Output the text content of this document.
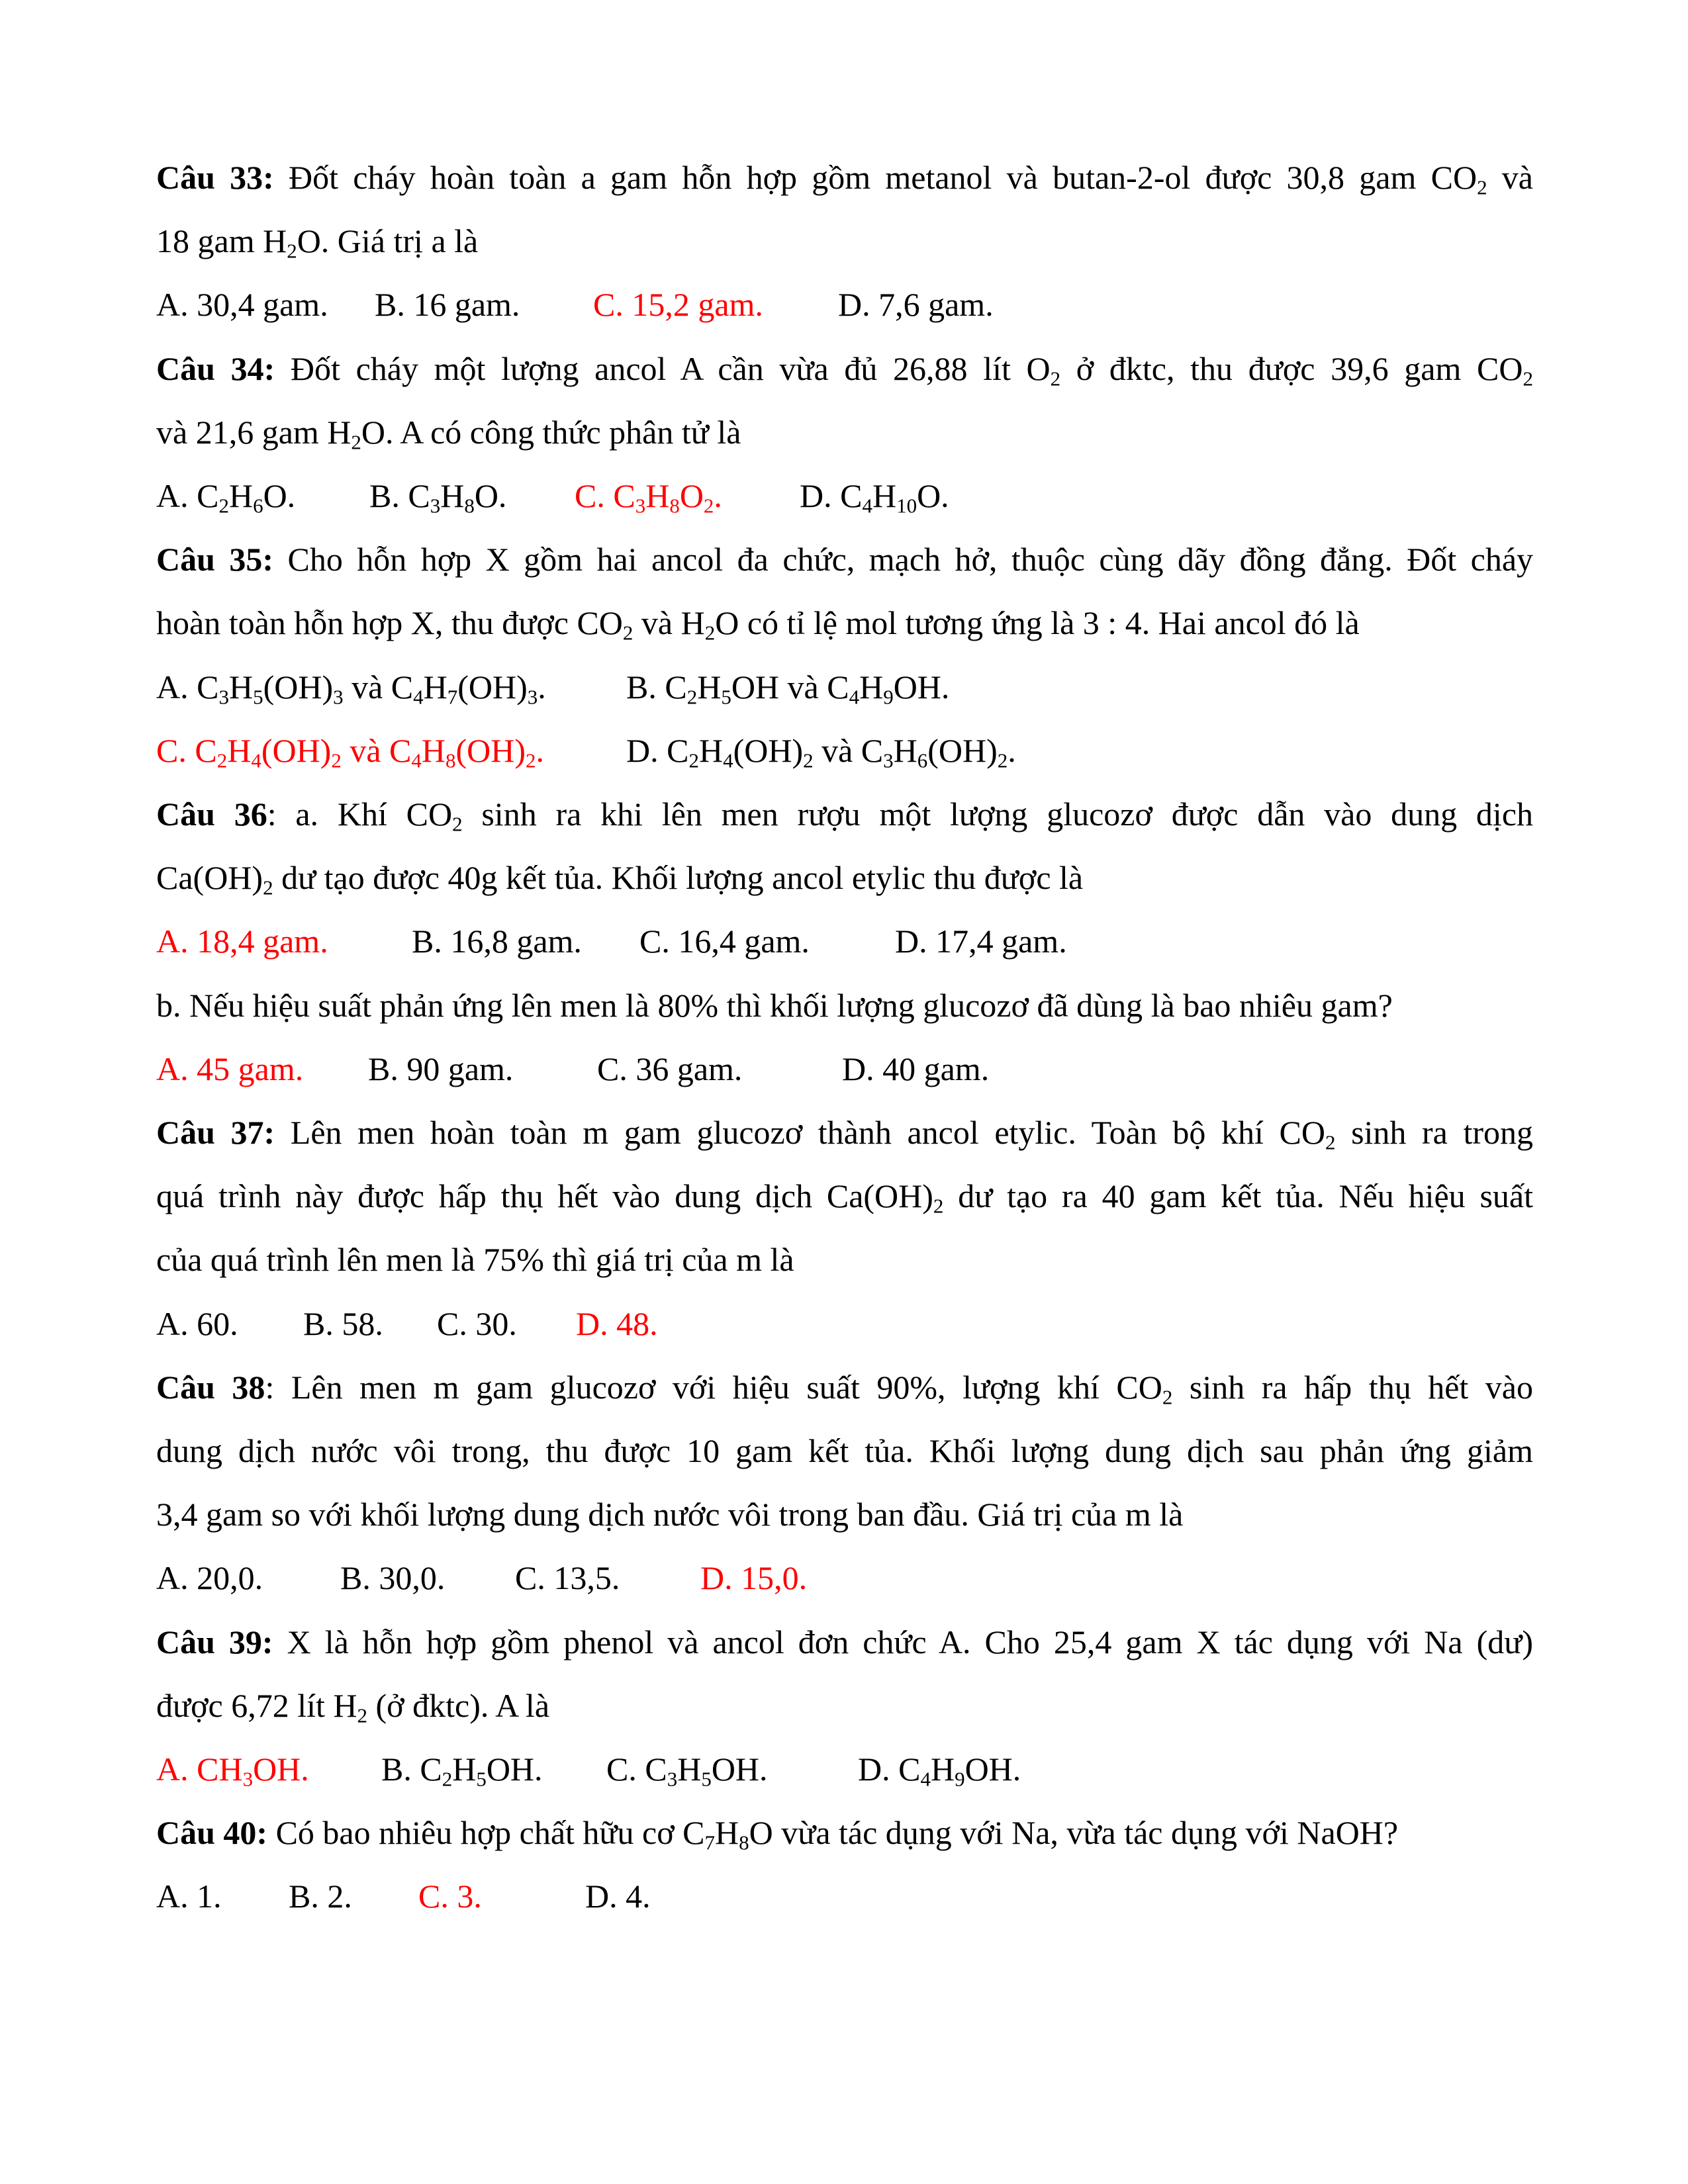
Câu 33: Đốt cháy hoàn toàn a gam hỗn hợp gồm metanol và butan-2-ol được 30,8 gam $CO_2$ và
18 gam $H_2O$. Giá trị a là
A. 30,4 gam. B. 16 gam. C. 15,2 gam. D. 7,6 gam.
Câu 34: Đốt cháy một lượng ancol A cần vừa đủ 26,88 lít $O_2$ ở đktc, thu được 39,6 gam $CO_2$
và 21,6 gam $H_2O$. A có công thức phân tử là
A. $C_2H_6O$. B. $C_3H_8O$. C. $C_3H_8O_2$. D. $C_4H_{10}O$.
Câu 35: Cho hỗn hợp X gồm hai ancol đa chức, mạch hở, thuộc cùng dãy đồng đẳng. Đốt cháy
hoàn toàn hỗn hợp X, thu được $CO_2$ và $H_2O$ có tỉ lệ mol tương ứng là 3 : 4. Hai ancol đó là
A. $C_3H_5(OH)_3$ và $C_4H_7(OH)_3$. B. $C_2H_5OH$ và $C_4H_9OH$.
C. $C_2H_4(OH)_2$ và $C_4H_8(OH)_2$. D. $C_2H_4(OH)_2$ và $C_3H_6(OH)_2$.
Câu 36: a. Khí $CO_2$ sinh ra khi lên men rượu một lượng glucozơ được dẫn vào dung dịch
$Ca(OH)_2$ dư tạo được 40g kết tủa. Khối lượng ancol etylic thu được là
A. 18,4 gam.	B. 16,8 gam. C. 16,4 gam.	D. 17,4 gam.
b. Nếu hiệu suất phản ứng lên men là 80% thì khối lượng glucozơ đã dùng là bao nhiêu gam?
A. 45 gam. B. 90 gam.	C. 36 gam.	D. 40 gam.
Câu 37: Lên men hoàn toàn m gam glucozơ thành ancol etylic. Toàn bộ khí $CO_2$ sinh ra trong
quá trình này được hấp thụ hết vào dung dịch $Ca(OH)_2$ dư tạo ra 40 gam kết tủa. Nếu hiệu suất
của quá trình lên men là 75% thì giá trị của m là
A. 60. B. 58. C. 30. D. 48.
Câu 38: Lên men m gam glucozơ với hiệu suất 90%, lượng khí $CO_2$ sinh ra hấp thụ hết vào
dung dịch nước vôi trong, thu được 10 gam kết tủa. Khối lượng dung dịch sau phản ứng giảm
3,4 gam so với khối lượng dung dịch nước vôi trong ban đầu. Giá trị của m là
A. 20,0. B. 30,0. C. 13,5. D. 15,0.
Câu 39: X là hỗn hợp gồm phenol và ancol đơn chức A. Cho 25,4 gam X tác dụng với Na (dư)
được 6,72 lít $H_2$ (ở đktc). A là
A. $CH_3OH$. B. $C_2H_5OH$. C. $C_3H_5OH$.	D. $C_4H_9OH$.
Câu 40: Có bao nhiêu hợp chất hữu cơ $C_7H_8O$ vừa tác dụng với Na, vừa tác dụng với NaOH?
A. 1. B. 2. C. 3.	D. 4.
